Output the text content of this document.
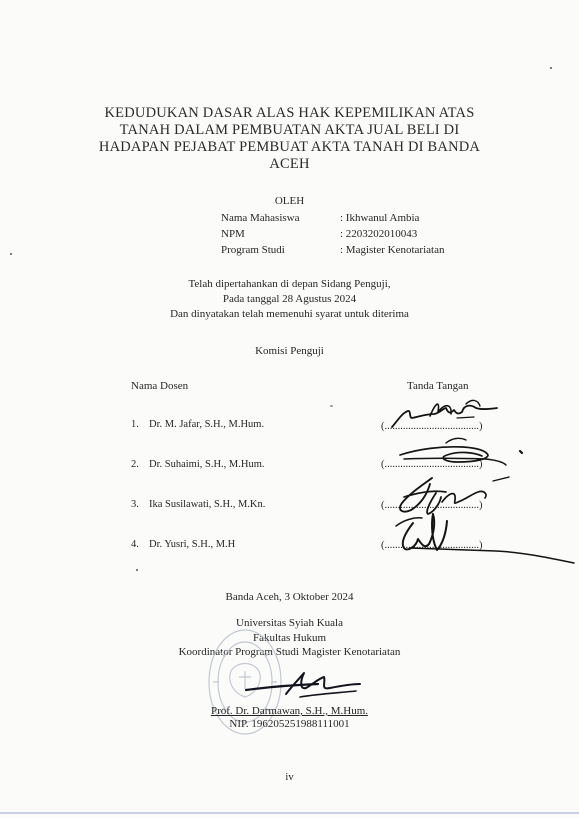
KEDUDUKAN DASAR ALAS HAK KEPEMILIKAN ATAS
TANAH DALAM PEMBUATAN AKTA JUAL BELI DI
HADAPAN PEJABAT PEMBUAT AKTA TANAH DI BANDA
ACEH
OLEH
Nama Mahasiswa	: Ikhwanul Ambia
NPM	: 2203202010043
Program Studi	: Magister Kenotariatan
Telah dipertahankan di depan Sidang Penguji,
Pada tanggal 28 Agustus 2024
Dan dinyatakan telah memenuhi syarat untuk diterima
Komisi Penguji
Nama Dosen	Tanda Tangan
1. Dr. M. Jafar, S.H., M.Hum.	(....................................)
2. Dr. Suhaimi, S.H., M.Hum.	(....................................)
3. Ika Susilawati, S.H., M.Kn.	(....................................)
4. Dr. Yusri, S.H., M.H	(....................................)
Banda Aceh, 3 Oktober 2024
Universitas Syiah Kuala
Fakultas Hukum
Koordinator Program Studi Magister Kenotariatan
Prof. Dr. Darmawan, S.H., M.Hum.
NIP. 196205251988111001
iv
